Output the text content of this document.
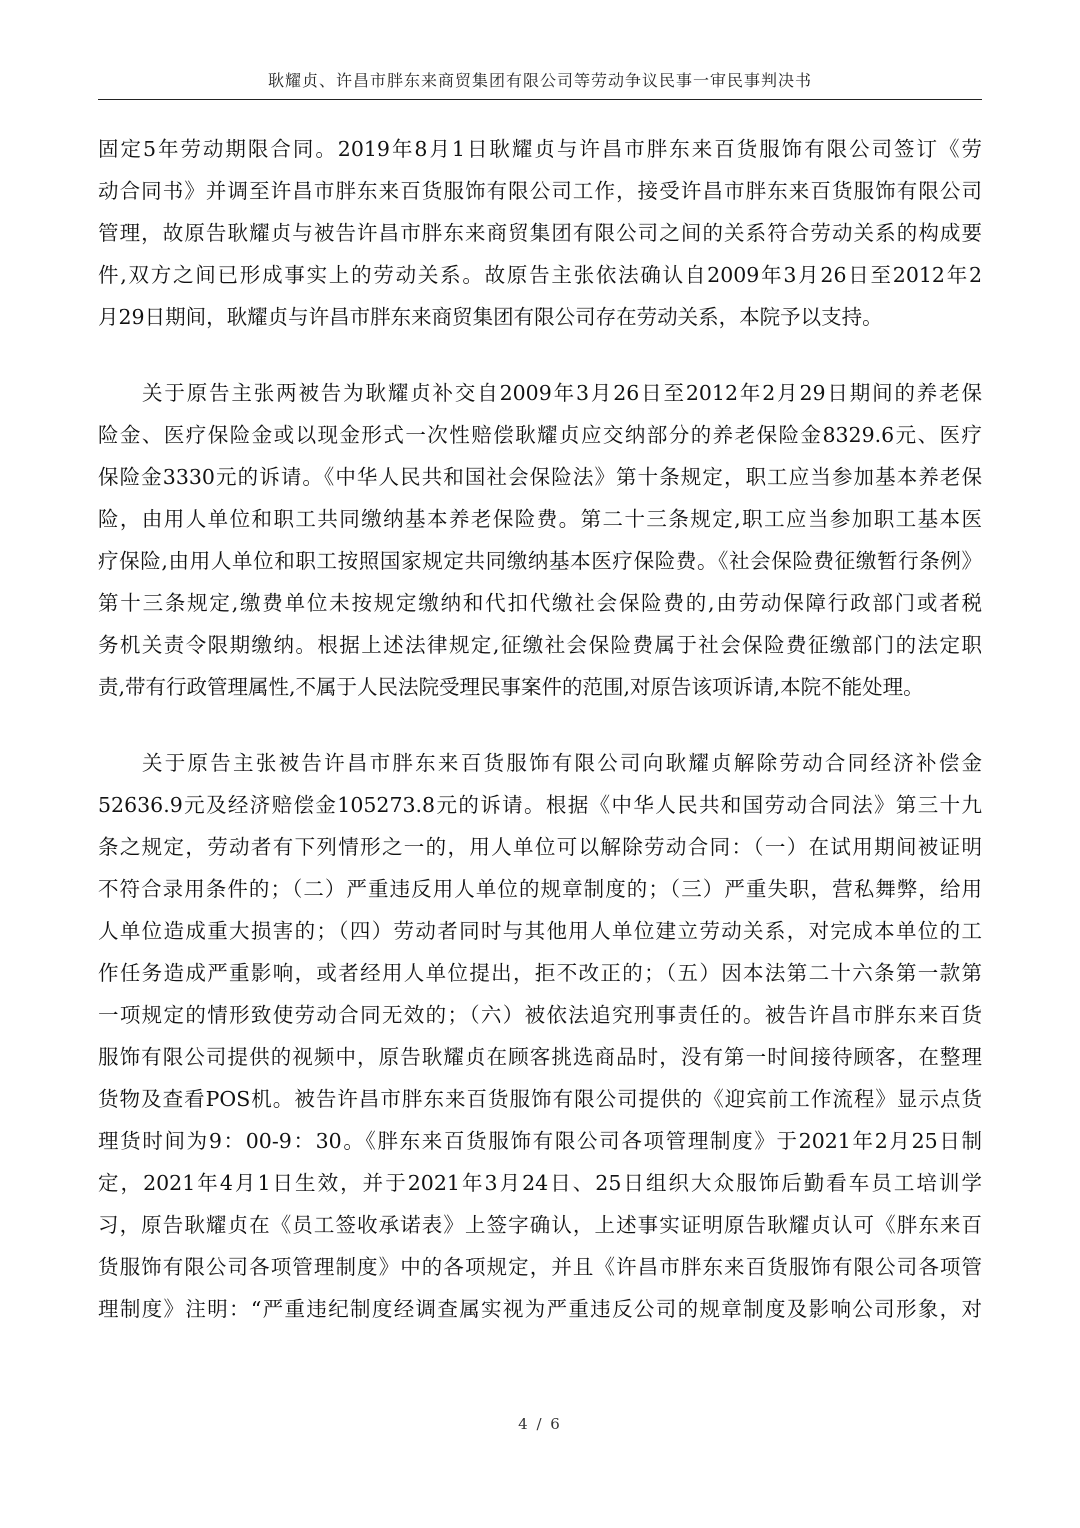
耿耀贞、许昌市胖东来商贸集团有限公司等劳动争议民事一审民事判决书
固定5年劳动期限合同。2019年8月1日耿耀贞与许昌市胖东来百货服饰有限公司签订《劳
动合同书》并调至许昌市胖东来百货服饰有限公司工作，接受许昌市胖东来百货服饰有限公司
管理，故原告耿耀贞与被告许昌市胖东来商贸集团有限公司之间的关系符合劳动关系的构成要
件,双方之间已形成事实上的劳动关系。故原告主张依法确认自2009年3月26日至2012年2
月29日期间，耿耀贞与许昌市胖东来商贸集团有限公司存在劳动关系，本院予以支持。
关于原告主张两被告为耿耀贞补交自2009年3月26日至2012年2月29日期间的养老保
险金、医疗保险金或以现金形式一次性赔偿耿耀贞应交纳部分的养老保险金8329.6元、医疗
保险金3330元的诉请。《中华人民共和国社会保险法》第十条规定，职工应当参加基本养老保
险，由用人单位和职工共同缴纳基本养老保险费。第二十三条规定,职工应当参加职工基本医
疗保险,由用人单位和职工按照国家规定共同缴纳基本医疗保险费。《社会保险费征缴暂行条例》
第十三条规定,缴费单位未按规定缴纳和代扣代缴社会保险费的,由劳动保障行政部门或者税
务机关责令限期缴纳。根据上述法律规定,征缴社会保险费属于社会保险费征缴部门的法定职
责,带有行政管理属性,不属于人民法院受理民事案件的范围,对原告该项诉请,本院不能处理。
关于原告主张被告许昌市胖东来百货服饰有限公司向耿耀贞解除劳动合同经济补偿金
52636.9元及经济赔偿金105273.8元的诉请。根据《中华人民共和国劳动合同法》第三十九
条之规定，劳动者有下列情形之一的，用人单位可以解除劳动合同：（一）在试用期间被证明
不符合录用条件的；（二）严重违反用人单位的规章制度的；（三）严重失职，营私舞弊，给用
人单位造成重大损害的；（四）劳动者同时与其他用人单位建立劳动关系，对完成本单位的工
作任务造成严重影响，或者经用人单位提出，拒不改正的；（五）因本法第二十六条第一款第
一项规定的情形致使劳动合同无效的；（六）被依法追究刑事责任的。被告许昌市胖东来百货
服饰有限公司提供的视频中，原告耿耀贞在顾客挑选商品时，没有第一时间接待顾客，在整理
货物及查看POS机。被告许昌市胖东来百货服饰有限公司提供的《迎宾前工作流程》显示点货
理货时间为9：00-9：30。《胖东来百货服饰有限公司各项管理制度》于2021年2月25日制
定，2021年4月1日生效，并于2021年3月24日、25日组织大众服饰后勤看车员工培训学
习，原告耿耀贞在《员工签收承诺表》上签字确认，上述事实证明原告耿耀贞认可《胖东来百
货服饰有限公司各项管理制度》中的各项规定，并且《许昌市胖东来百货服饰有限公司各项管
理制度》注明：“严重违纪制度经调查属实视为严重违反公司的规章制度及影响公司形象，对
4 / 6
